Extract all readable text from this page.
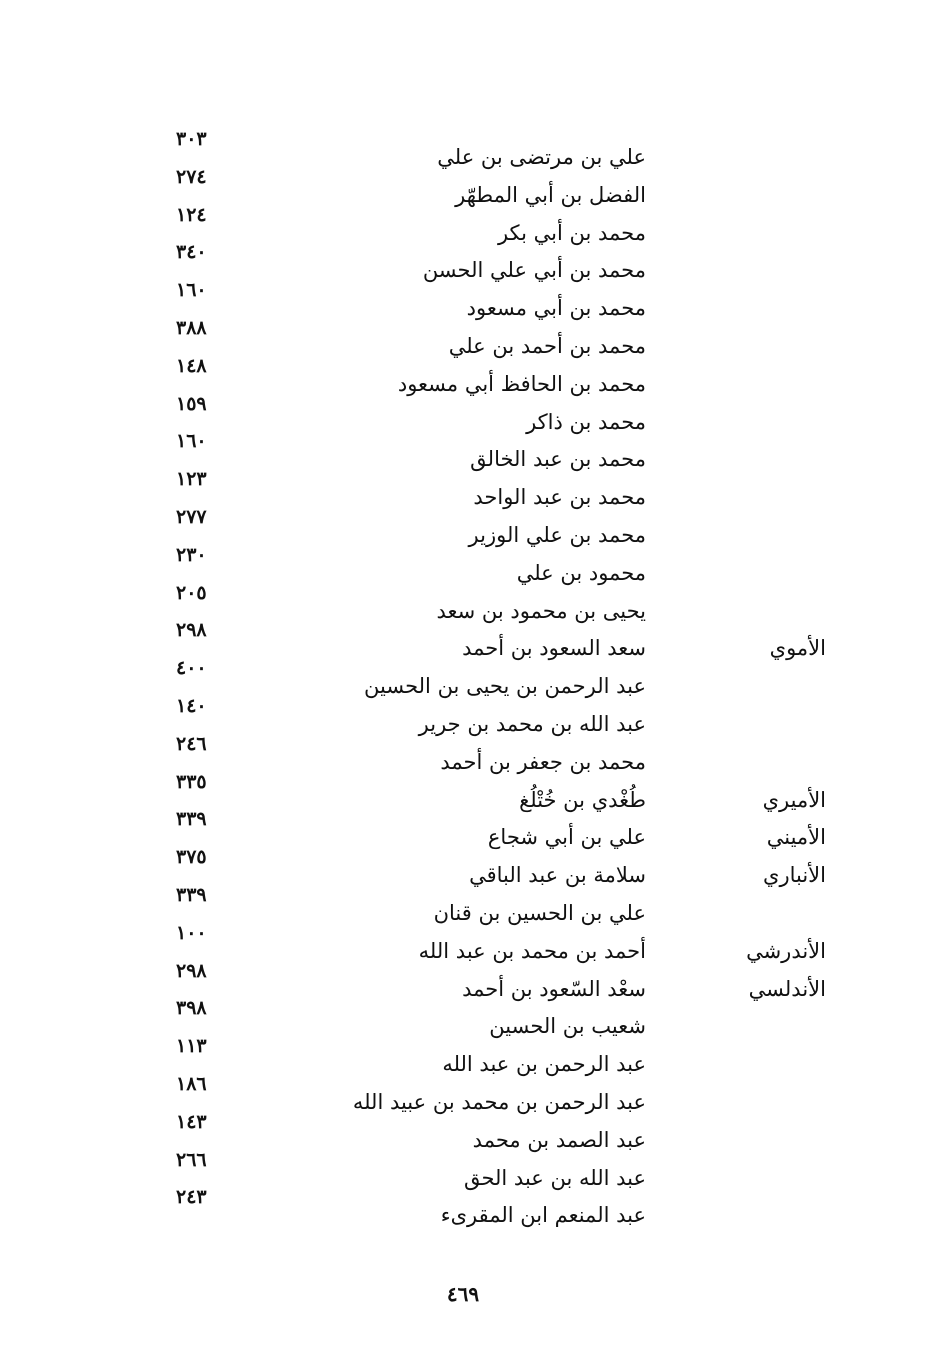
علي بن مرتضى بن علي
٣٠٣
الفضل بن أبي المطهّر
٢٧٤
محمد بن أبي بكر
١٢٤
محمد بن أبي علي الحسن
٣٤٠
محمد بن أبي مسعود
١٦٠
محمد بن أحمد بن علي
٣٨٨
محمد بن الحافظ أبي مسعود
١٤٨
محمد بن ذاكر
١٥٩
محمد بن عبد الخالق
١٦٠
محمد بن عبد الواحد
١٢٣
محمد بن علي الوزير
٢٧٧
محمود بن علي
٢٣٠
يحيى بن محمود بن سعد
٢٠٥
سعد السعود بن أحمد
٢٩٨
عبد الرحمن بن يحيى بن الحسين
٤٠٠
عبد الله بن محمد بن جرير
١٤٠
محمد بن جعفر بن أحمد
٢٤٦
طُغْدي بن خُتْلُغ
٣٣٥
علي بن أبي شجاع
٣٣٩
سلامة بن عبد الباقي
٣٧٥
علي بن الحسين بن قنان
٣٣٩
أحمد بن محمد بن عبد الله
١٠٠
سعْد السّعود بن أحمد
٢٩٨
شعيب بن الحسين
٣٩٨
عبد الرحمن بن عبد الله
١١٣
عبد الرحمن بن محمد بن عبيد الله
١٨٦
عبد الصمد بن محمد
١٤٣
عبد الله بن عبد الحق
٢٦٦
عبد المنعم ابن المقرىء
٢٤٣
الأموي
الأميري
الأميني
الأنباري
الأندرشي
الأندلسي
٤٦٩
